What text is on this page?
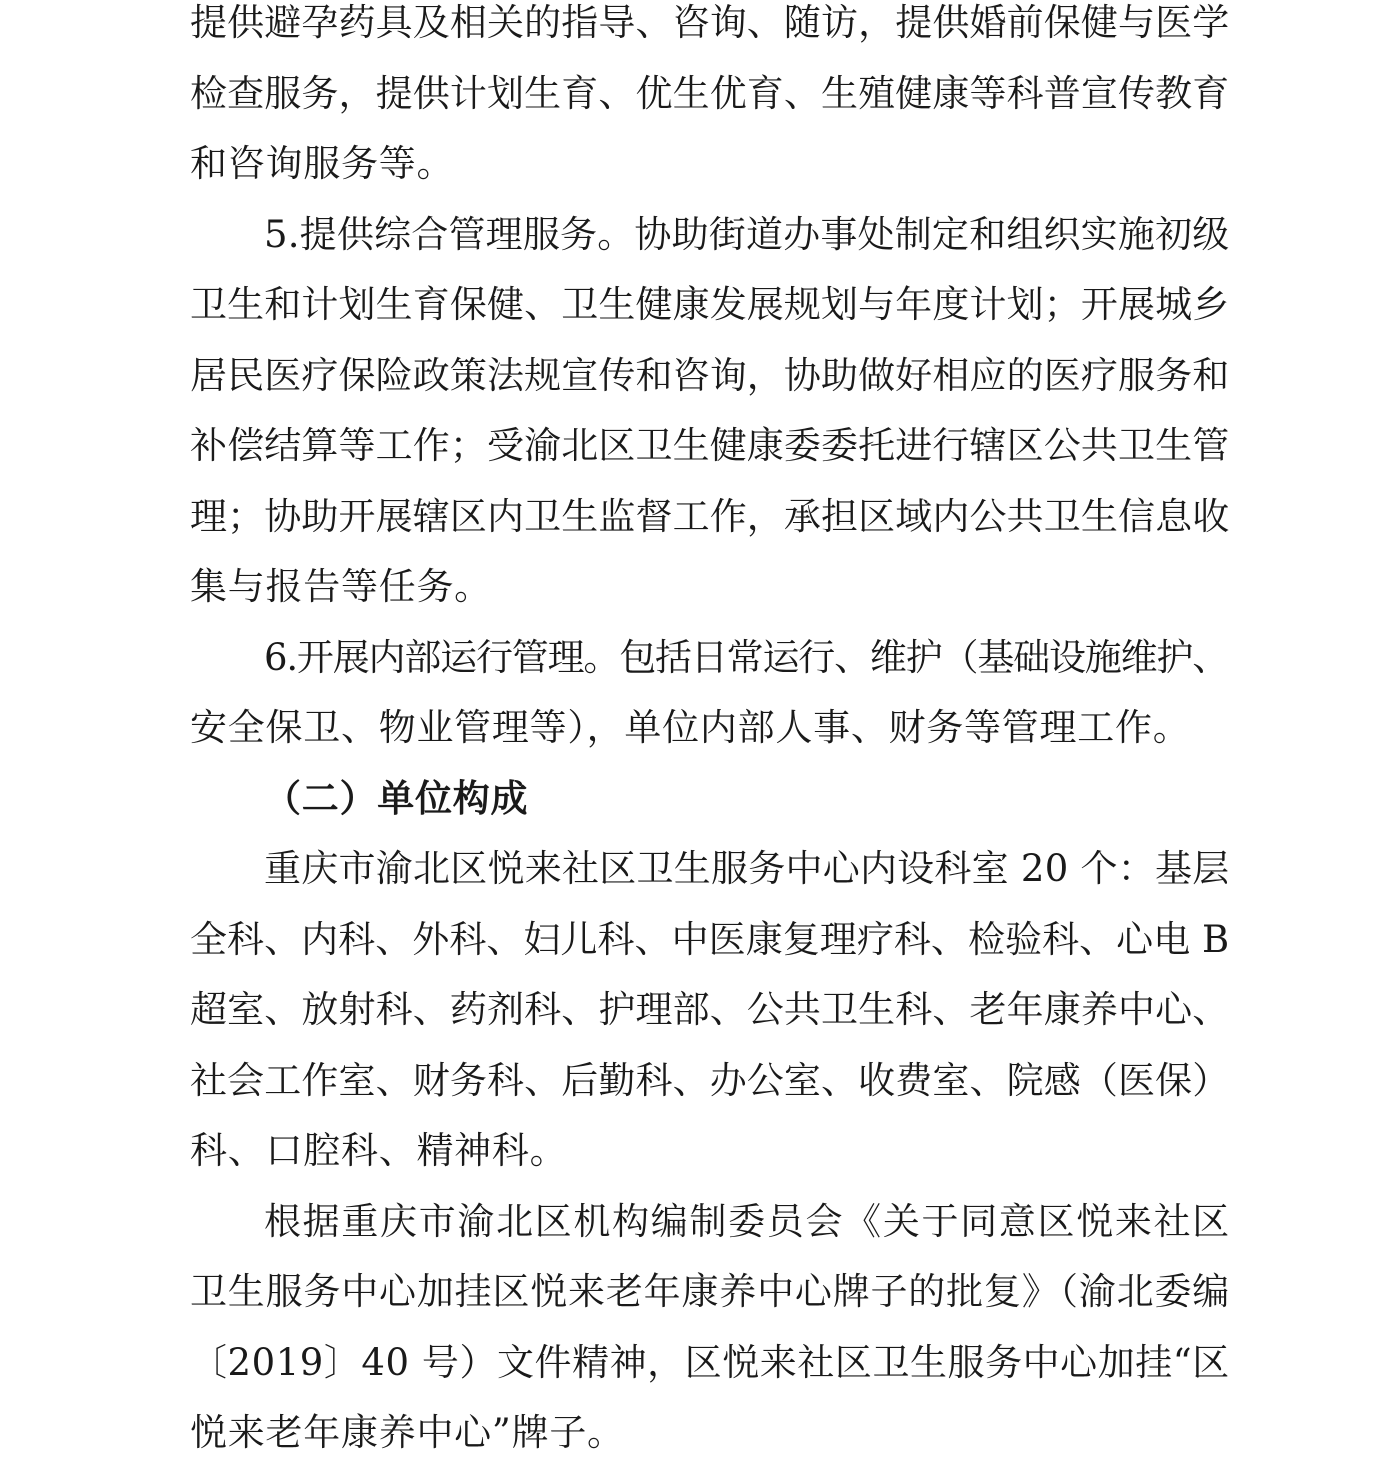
提供避孕药具及相关的指导、咨询、随访，提供婚前保健与医学
检查服务，提供计划生育、优生优育、生殖健康等科普宣传教育
和咨询服务等。

5.提供综合管理服务。协助街道办事处制定和组织实施初级
卫生和计划生育保健、卫生健康发展规划与年度计划；开展城乡
居民医疗保险政策法规宣传和咨询，协助做好相应的医疗服务和
补偿结算等工作；受渝北区卫生健康委委托进行辖区公共卫生管
理；协助开展辖区内卫生监督工作，承担区域内公共卫生信息收
集与报告等任务。

6.开展内部运行管理。包括日常运行、维护（基础设施维护、
安全保卫、物业管理等），单位内部人事、财务等管理工作。

（二）单位构成

重庆市渝北区悦来社区卫生服务中心内设科室 20 个：基层
全科、内科、外科、妇儿科、中医康复理疗科、检验科、心电 B
超室、放射科、药剂科、护理部、公共卫生科、老年康养中心、
社会工作室、财务科、后勤科、办公室、收费室、院感（医保）
科、口腔科、精神科。

根据重庆市渝北区机构编制委员会《关于同意区悦来社区
卫生服务中心加挂区悦来老年康养中心牌子的批复》（渝北委编
〔2019〕40 号）文件精神，区悦来社区卫生服务中心加挂“区
悦来老年康养中心”牌子。
